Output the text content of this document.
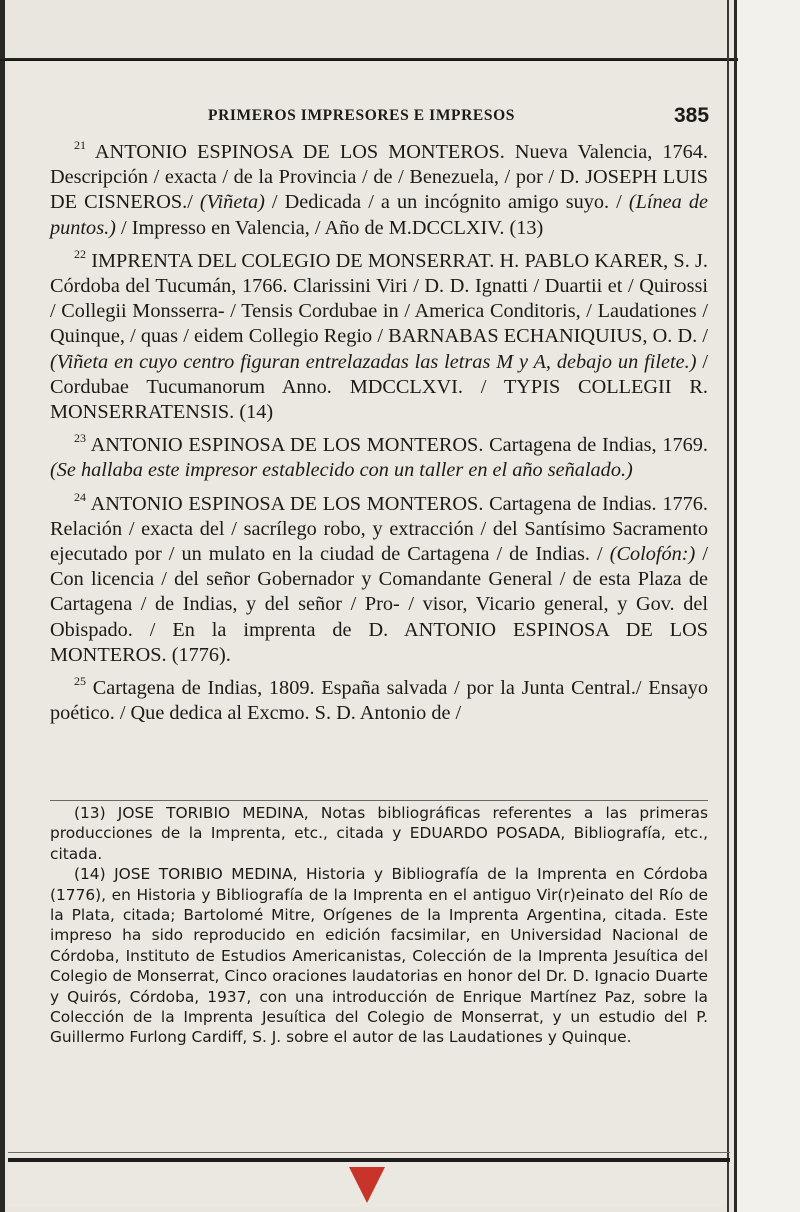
PRIMEROS IMPRESORES E IMPRESOS	385

$^{21}$ ANTONIO ESPINOSA DE LOS MONTEROS. Nueva Valencia, 1764. Descripción / exacta / de la Provincia / de / Benezuela, / por / D. JOSEPH LUIS DE CISNEROS./ (Viñeta) / Dedicada / a un incógnito amigo suyo. / (Línea de puntos.) / Impresso en Valencia, / Año de M.DCCLXIV. (13)

$^{22}$ IMPRENTA DEL COLEGIO DE MONSERRAT. H. PABLO KARER, S. J. Córdoba del Tucumán, 1766. Clarissini Viri / D. D. Ignatti / Duartii et / Quirossi / Collegii Monsserra- / Tensis Cordubae in / America Conditoris, / Laudationes / Quinque, / quas / eidem Collegio Regio / BARNABAS ECHANIQUIUS, O. D. / (Viñeta en cuyo centro figuran entrelazadas las letras M y A, debajo un filete.) / Cordubae Tucumanorum Anno. MDCCLXVI. / TYPIS COLLEGII R. MONSERRATENSIS. (14)

$^{23}$ ANTONIO ESPINOSA DE LOS MONTEROS. Cartagena de Indias, 1769. (Se hallaba este impresor establecido con un taller en el año señalado.)

$^{24}$ ANTONIO ESPINOSA DE LOS MONTEROS. Cartagena de Indias. 1776. Relación / exacta del / sacrílego robo, y extracción / del Santísimo Sacramento ejecutado por / un mulato en la ciudad de Cartagena / de Indias. / (Colofón:) / Con licencia / del señor Gobernador y Comandante General / de esta Plaza de Cartagena / de Indias, y del señor / Pro- / visor, Vicario general, y Gov. del Obispado. / En la imprenta de D. ANTONIO ESPINOSA DE LOS MONTEROS. (1776).

$^{25}$ Cartagena de Indias, 1809. España salvada / por la Junta Central./ Ensayo poético. / Que dedica al Excmo. S. D. Antonio de /

(13) JOSE TORIBIO MEDINA, Notas bibliográficas referentes a las primeras producciones de la Imprenta, etc., citada y EDUARDO POSADA, Bibliografía, etc., citada.

(14) JOSE TORIBIO MEDINA, Historia y Bibliografía de la Imprenta en Córdoba (1776), en Historia y Bibliografía de la Imprenta en el antiguo Vir(r)einato del Río de la Plata, citada; Bartolomé Mitre, Orígenes de la Imprenta Argentina, citada. Este impreso ha sido reproducido en edición facsimilar, en Universidad Nacional de Córdoba, Instituto de Estudios Americanistas, Colección de la Imprenta Jesuítica del Colegio de Monserrat, Cinco oraciones laudatorias en honor del Dr. D. Ignacio Duarte y Quirós, Córdoba, 1937, con una introducción de Enrique Martínez Paz, sobre la Colección de la Imprenta Jesuítica del Colegio de Monserrat, y un estudio del P. Guillermo Furlong Cardiff, S. J. sobre el autor de las Laudationes y Quinque.
